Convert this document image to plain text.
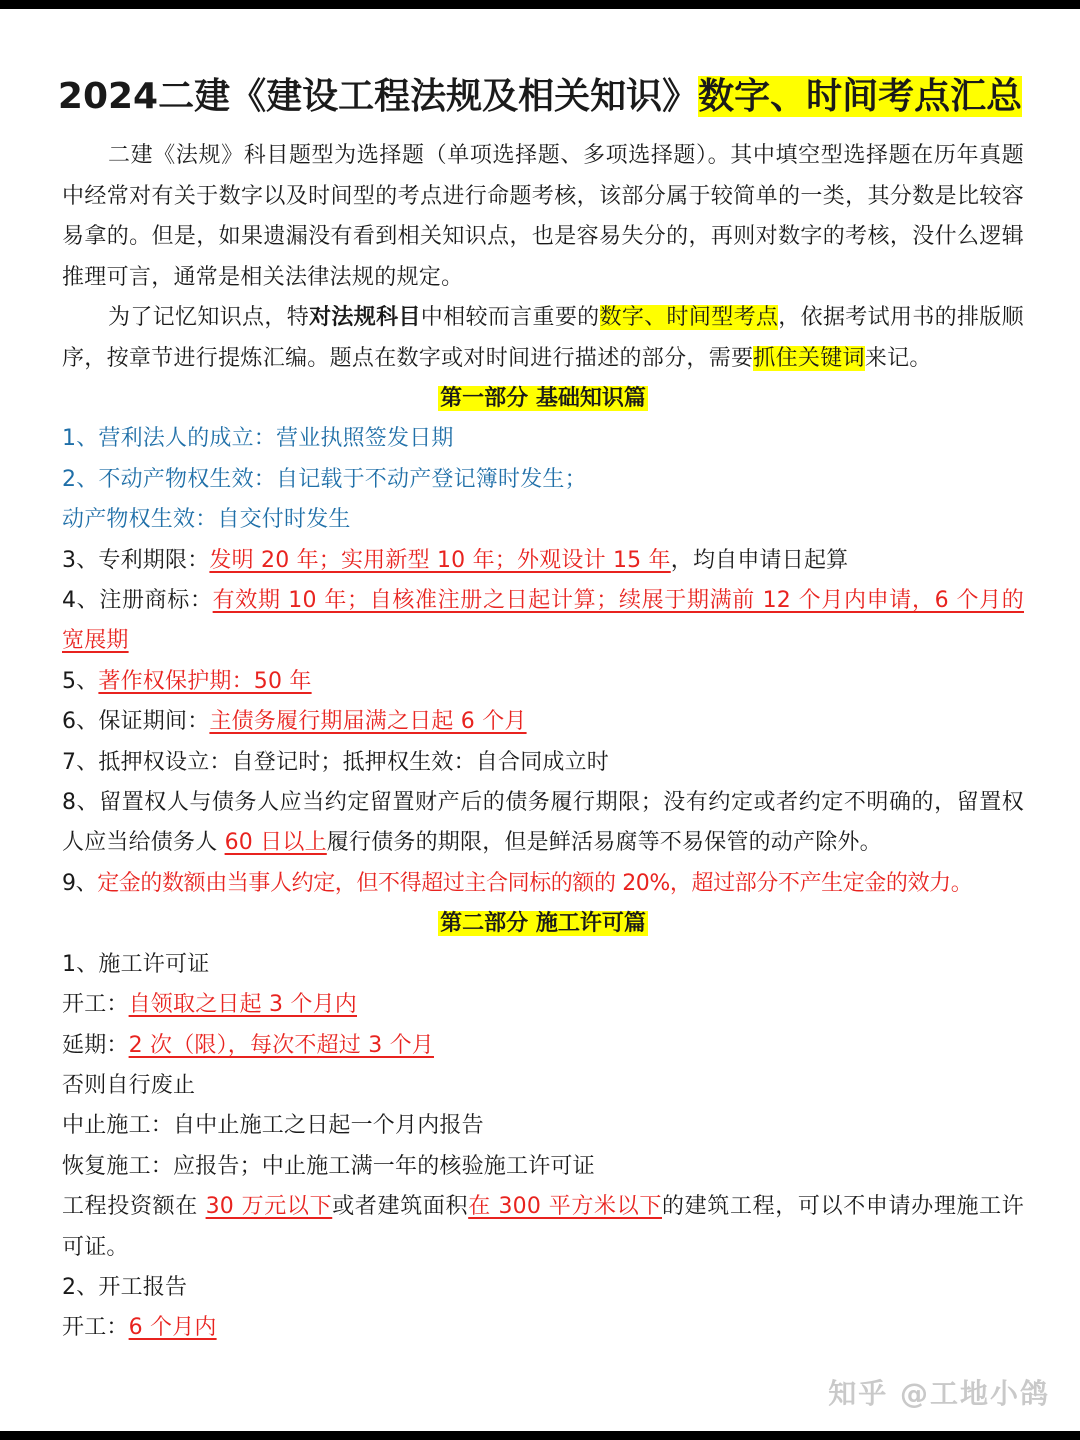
2024二建《建设工程法规及相关知识》数字、时间考点汇总

二建《法规》科目题型为选择题（单项选择题、多项选择题）。其中填空型选择题在历年真题中经常对有关于数字以及时间型的考点进行命题考核，该部分属于较简单的一类，其分数是比较容易拿的。但是，如果遗漏没有看到相关知识点，也是容易失分的，再则对数字的考核，没什么逻辑推理可言，通常是相关法律法规的规定。

为了记忆知识点，特对法规科目中相较而言重要的数字、时间型考点，依据考试用书的排版顺序，按章节进行提炼汇编。题点在数字或对时间进行描述的部分，需要抓住关键词来记。

第一部分 基础知识篇

1、营利法人的成立：营业执照签发日期

2、不动产物权生效：自记载于不动产登记簿时发生；

动产物权生效：自交付时发生

3、专利期限：发明 20 年；实用新型 10 年；外观设计 15 年，均自申请日起算

4、注册商标：有效期 10 年；自核准注册之日起计算；续展于期满前 12 个月内申请，6 个月的宽展期

5、著作权保护期：50 年

6、保证期间：主债务履行期届满之日起 6 个月

7、抵押权设立：自登记时；抵押权生效：自合同成立时

8、留置权人与债务人应当约定留置财产后的债务履行期限；没有约定或者约定不明确的，留置权人应当给债务人 60 日以上履行债务的期限，但是鲜活易腐等不易保管的动产除外。

9、定金的数额由当事人约定，但不得超过主合同标的额的 20%，超过部分不产生定金的效力。

第二部分 施工许可篇

1、施工许可证

开工：自领取之日起 3 个月内

延期：2 次（限），每次不超过 3 个月

否则自行废止

中止施工：自中止施工之日起一个月内报告

恢复施工：应报告；中止施工满一年的核验施工许可证

工程投资额在 30 万元以下或者建筑面积在 300 平方米以下的建筑工程，可以不申请办理施工许可证。

2、开工报告

开工：6 个月内

知乎 @工地小鸽
